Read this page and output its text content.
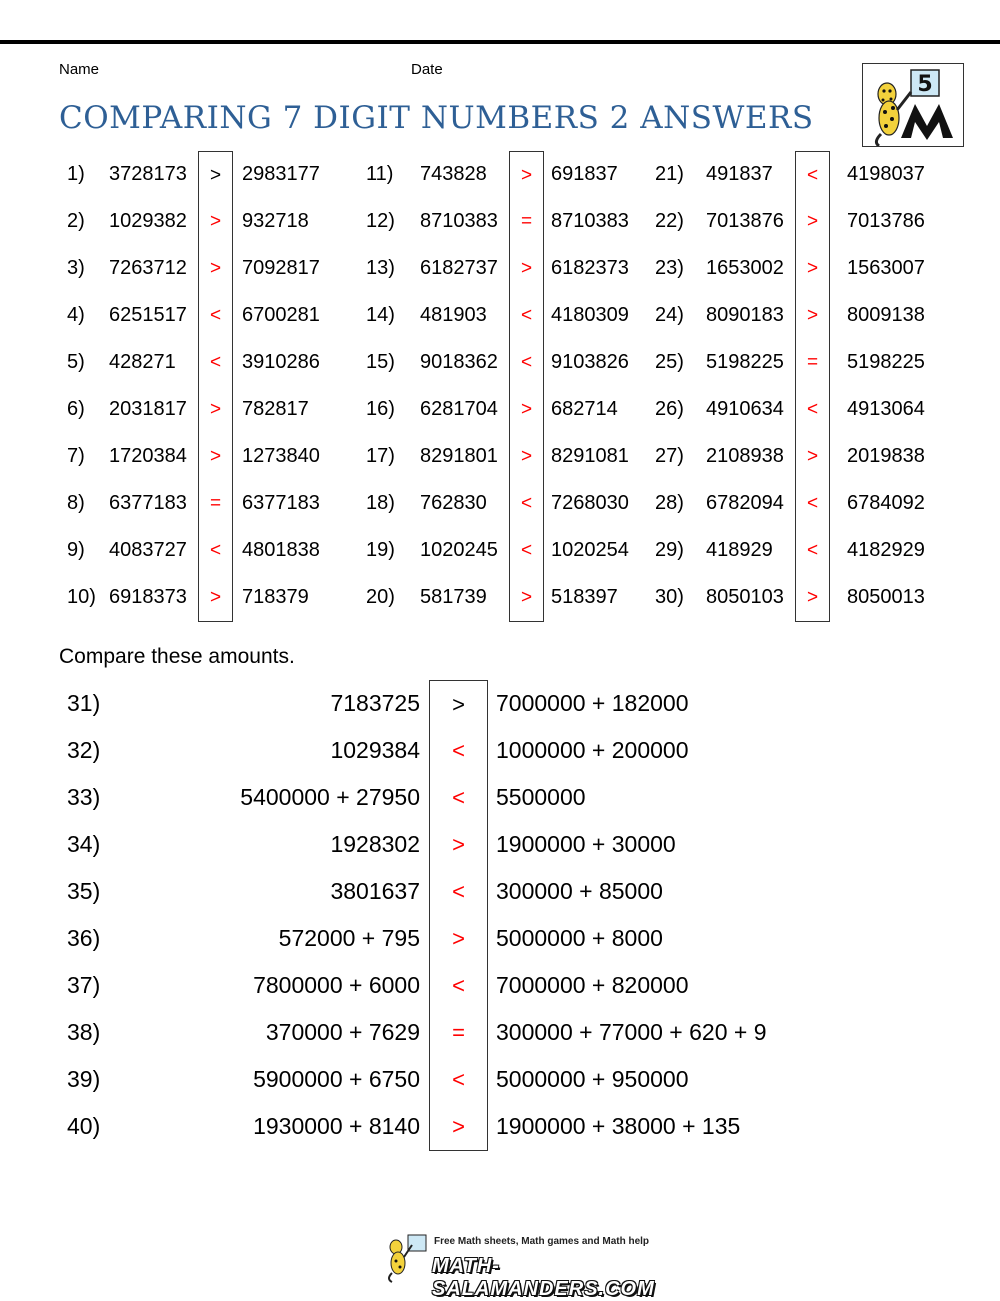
Name	Date
COMPARING 7 DIGIT NUMBERS 2 ANSWERS
5
1) 3728173	>	2983177
2) 1029382	>	932718
3) 7263712	>	7092817
4) 6251517	<	6700281
5) 428271	<	3910286
6) 2031817	>	782817
7) 1720384	>	1273840
8) 6377183	=	6377183
9) 4083727	<	4801838
10) 6918373	>	718379
11) 743828	> 691837
12) 8710383	= 8710383
13) 6182737	> 6182373
14) 481903	< 4180309
15) 9018362	< 9103826
16) 6281704	> 682714
17) 8291801	> 8291081
18) 762830	< 7268030
19) 1020245	< 1020254
20) 581739	> 518397
21) 491837	<	4198037
22) 7013876	>	7013786
23) 1653002	>	1563007
24) 8090183	>	8009138
25) 5198225	=	5198225
26) 4910634	<	4913064
27) 2108938	>	2019838
28) 6782094	<	6784092
29) 418929	<	4182929
30) 8050103	>	8050013
Compare these amounts.
31)	7183725	>	7000000 + 182000
32)	1029384	<	1000000 + 200000
33)	5400000 + 27950	<	5500000
34)	1928302	>	1900000 + 30000
35)	3801637	<	300000 + 85000
36)	572000 + 795	>	5000000 + 8000
37)	7800000 + 6000	<	7000000 + 820000
38)	370000 + 7629	=	300000 + 77000 + 620 + 9
39)	5900000 + 6750	<	5000000 + 950000
40)	1930000 + 8140	>	1900000 + 38000 + 135
Free Math sheets, Math games and Math help
MATH-SALAMANDERS.COM
